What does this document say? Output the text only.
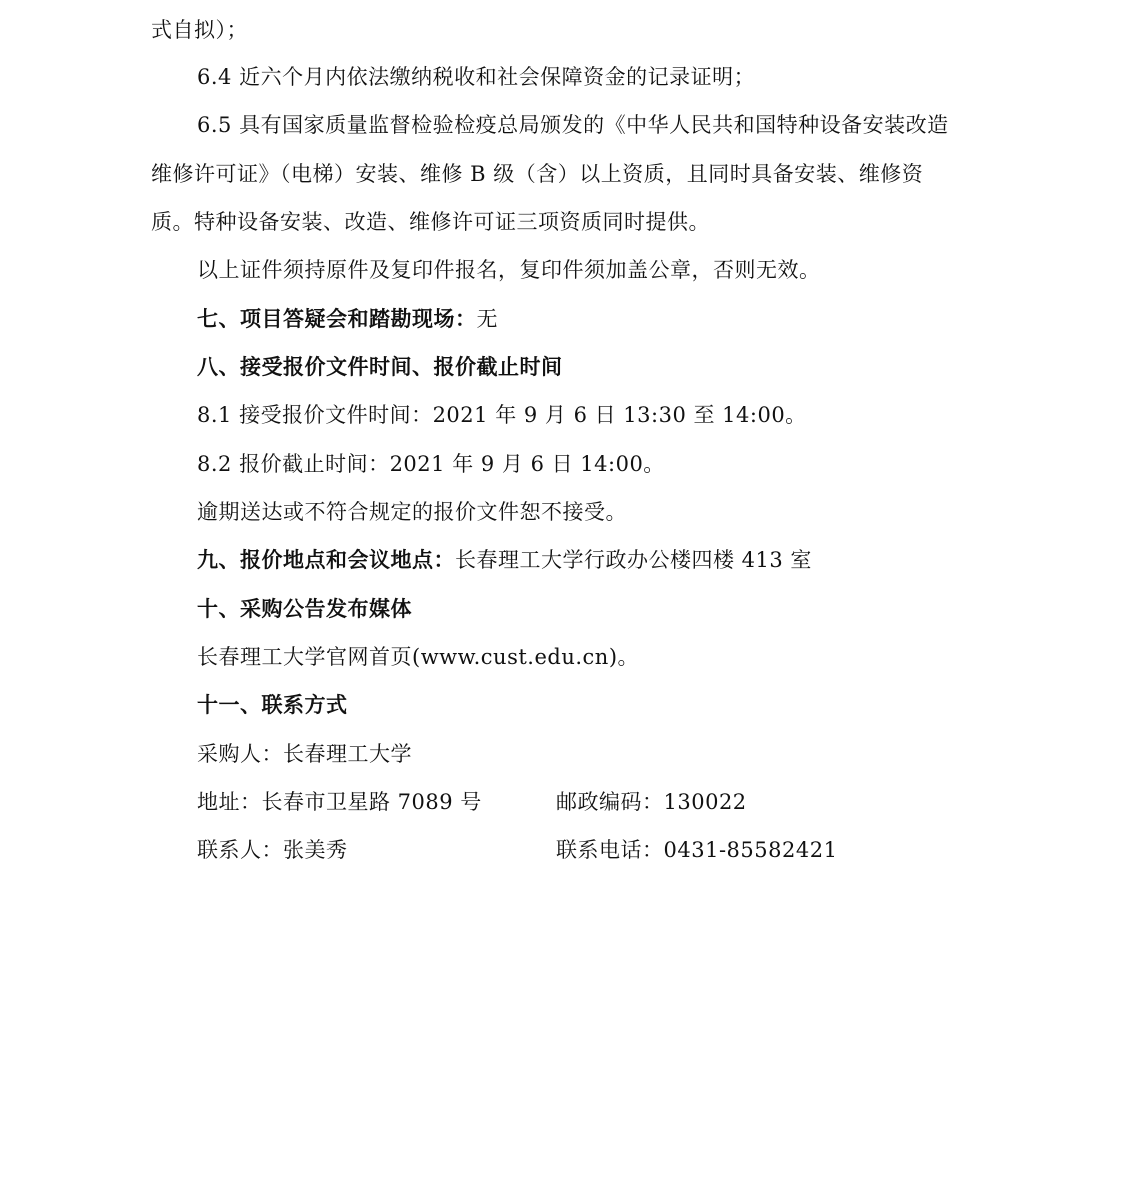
式自拟）；
6.4 近六个月内依法缴纳税收和社会保障资金的记录证明；
6.5 具有国家质量监督检验检疫总局颁发的《中华人民共和国特种设备安装改造
维修许可证》（电梯）安装、维修 B 级（含）以上资质，且同时具备安装、维修资
质。特种设备安装、改造、维修许可证三项资质同时提供。
以上证件须持原件及复印件报名，复印件须加盖公章，否则无效。
七、项目答疑会和踏勘现场：无
八、接受报价文件时间、报价截止时间
8.1 接受报价文件时间：2021 年 9 月 6 日 13:30 至 14:00。
8.2 报价截止时间：2021 年 9 月 6 日 14:00。
逾期送达或不符合规定的报价文件恕不接受。
九、报价地点和会议地点：长春理工大学行政办公楼四楼 413 室
十、采购公告发布媒体
长春理工大学官网首页(www.cust.edu.cn)。
十一、联系方式
采购人：长春理工大学
地址：长春市卫星路 7089 号	邮政编码：130022
联系人：张美秀	联系电话：0431-85582421
